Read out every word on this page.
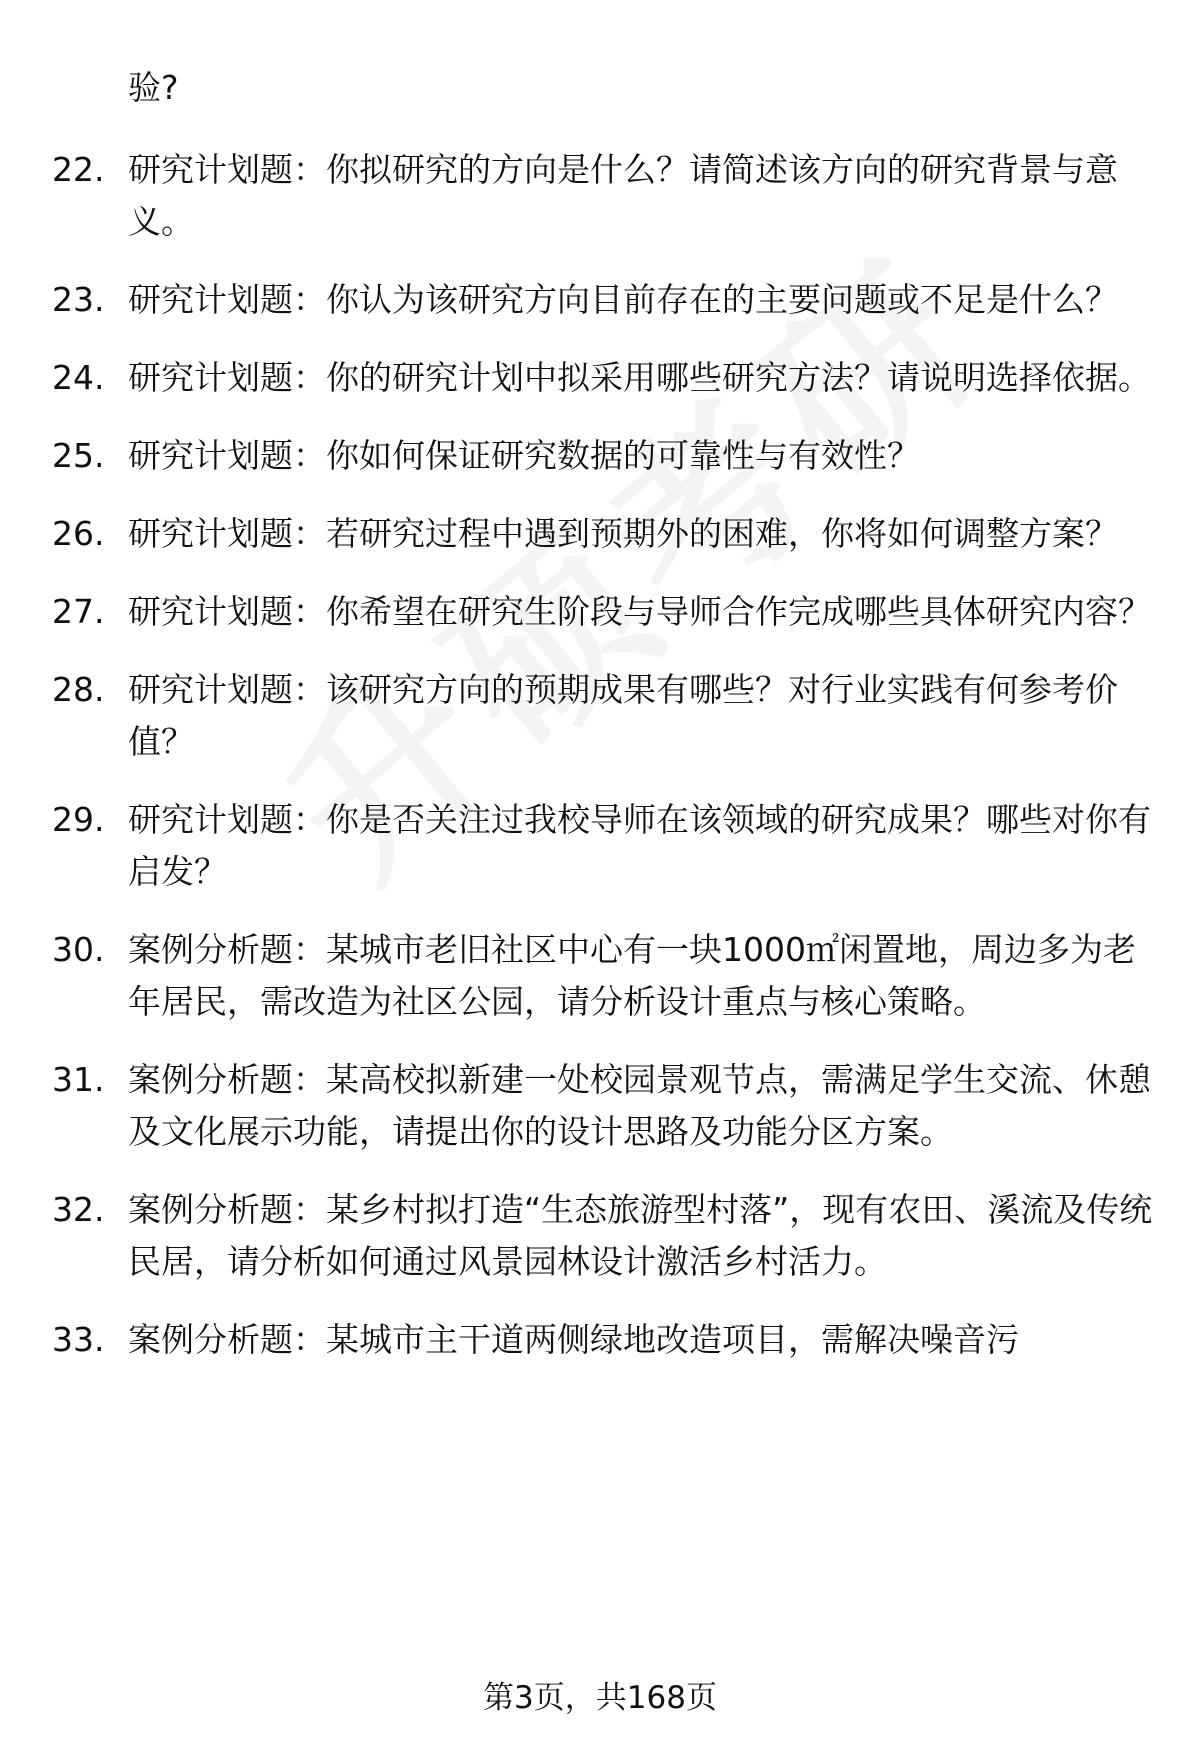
验?

22. 研究计划题：你拟研究的方向是什么？请简述该方向的研究背景与意义。
23. 研究计划题：你认为该研究方向目前存在的主要问题或不足是什么？
24. 研究计划题：你的研究计划中拟采用哪些研究方法？请说明选择依据。
25. 研究计划题：你如何保证研究数据的可靠性与有效性？
26. 研究计划题：若研究过程中遇到预期外的困难，你将如何调整方案？
27. 研究计划题：你希望在研究生阶段与导师合作完成哪些具体研究内容？
28. 研究计划题：该研究方向的预期成果有哪些？对行业实践有何参考价值？
29. 研究计划题：你是否关注过我校导师在该领域的研究成果？哪些对你有启发？
30. 案例分析题：某城市老旧社区中心有一块1000㎡闲置地，周边多为老年居民，需改造为社区公园，请分析设计重点与核心策略。
31. 案例分析题：某高校拟新建一处校园景观节点，需满足学生交流、休憩及文化展示功能，请提出你的设计思路及功能分区方案。
32. 案例分析题：某乡村拟打造“生态旅游型村落”，现有农田、溪流及传统民居，请分析如何通过风景园林设计激活乡村活力。
33. 案例分析题：某城市主干道两侧绿地改造项目，需解决噪音污

第3页，共168页
